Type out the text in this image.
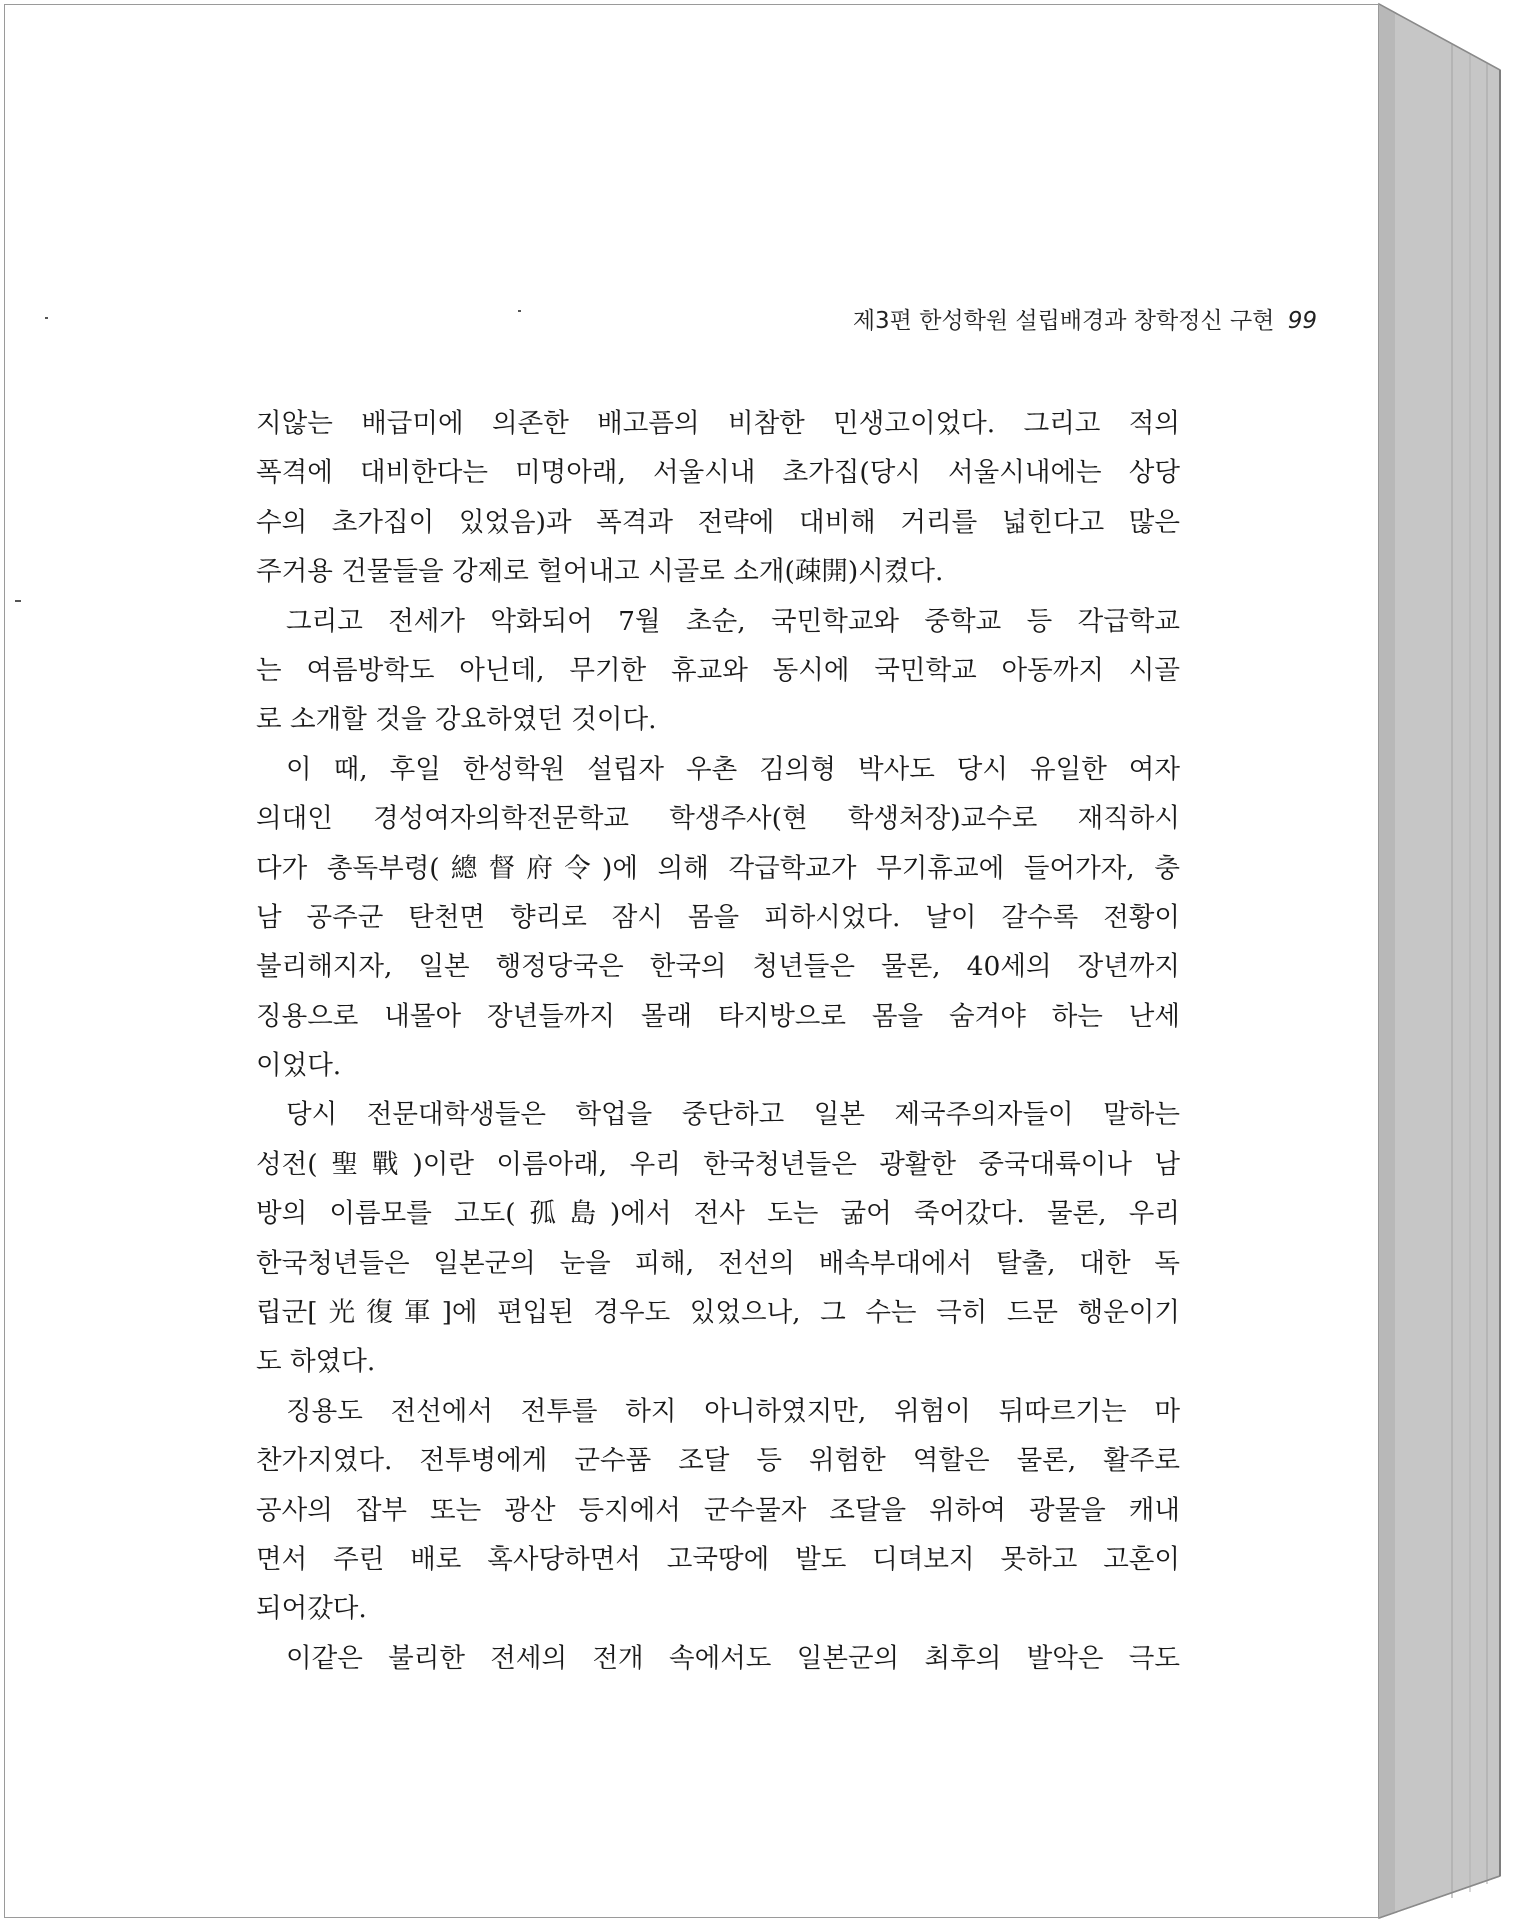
제3편 한성학원 설립배경과 창학정신 구현 99
지않는 배급미에 의존한 배고픔의 비참한 민생고이었다. 그리고 적의
폭격에 대비한다는 미명아래, 서울시내 초가집(당시 서울시내에는 상당
수의 초가집이 있었음)과 폭격과 전략에 대비해 거리를 넓힌다고 많은
주거용 건물들을 강제로 헐어내고 시골로 소개(疎開)시켰다.
그리고 전세가 악화되어 7월 초순, 국민학교와 중학교 등 각급학교
는 여름방학도 아닌데, 무기한 휴교와 동시에 국민학교 아동까지 시골
로 소개할 것을 강요하였던 것이다.
이 때, 후일 한성학원 설립자 우촌 김의형 박사도 당시 유일한 여자
의대인 경성여자의학전문학교 학생주사(현 학생처장)교수로 재직하시
다가 총독부령(總督府令)에 의해 각급학교가 무기휴교에 들어가자, 충
남 공주군 탄천면 향리로 잠시 몸을 피하시었다. 날이 갈수록 전황이
불리해지자, 일본 행정당국은 한국의 청년들은 물론, 40세의 장년까지
징용으로 내몰아 장년들까지 몰래 타지방으로 몸을 숨겨야 하는 난세
이었다.
당시 전문대학생들은 학업을 중단하고 일본 제국주의자들이 말하는
성전(聖戰)이란 이름아래, 우리 한국청년들은 광활한 중국대륙이나 남
방의 이름모를 고도(孤島)에서 전사 도는 굶어 죽어갔다. 물론, 우리
한국청년들은 일본군의 눈을 피해, 전선의 배속부대에서 탈출, 대한 독
립군[光復軍]에 편입된 경우도 있었으나, 그 수는 극히 드문 행운이기
도 하였다.
징용도 전선에서 전투를 하지 아니하였지만, 위험이 뒤따르기는 마
찬가지였다. 전투병에게 군수품 조달 등 위험한 역할은 물론, 활주로
공사의 잡부 또는 광산 등지에서 군수물자 조달을 위하여 광물을 캐내
면서 주린 배로 혹사당하면서 고국땅에 발도 디뎌보지 못하고 고혼이
되어갔다.
이같은 불리한 전세의 전개 속에서도 일본군의 최후의 발악은 극도
